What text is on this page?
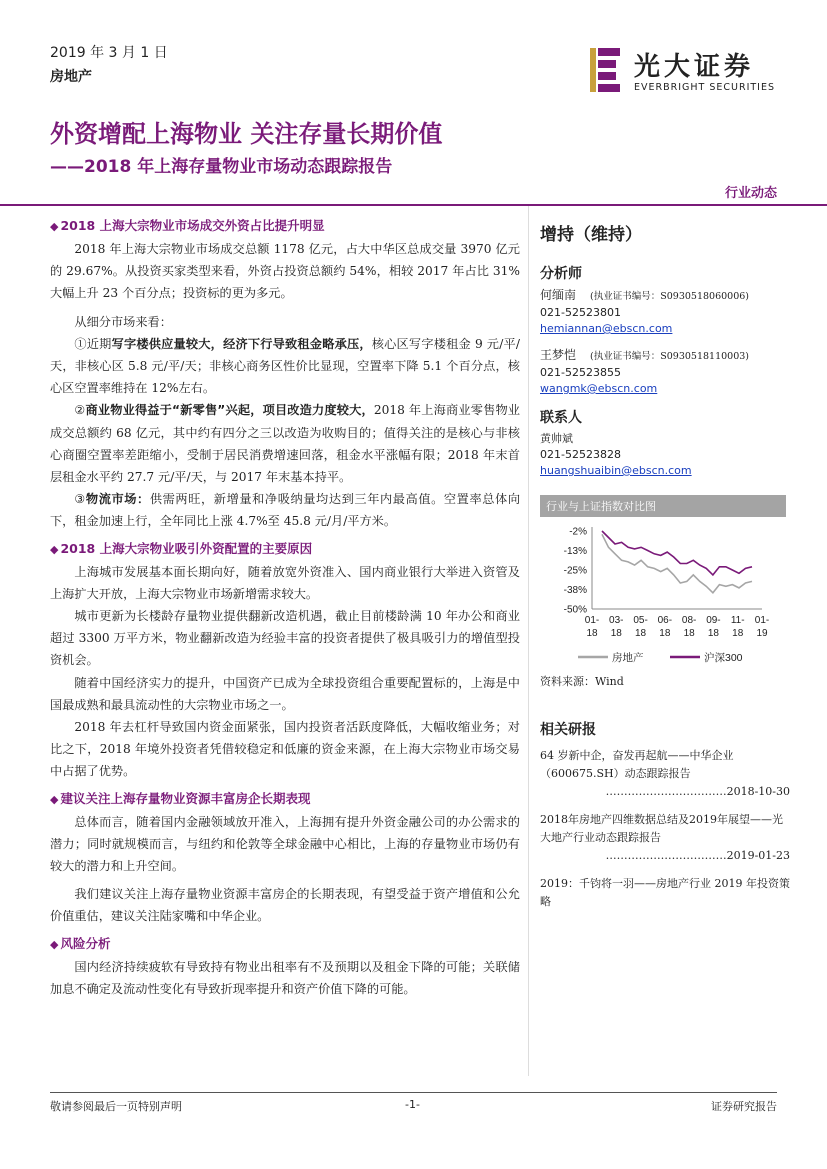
2019 年 3 月 1 日
房地产	光大证券
EVERBRIGHT SECURITIES
外资增配上海物业 关注存量长期价值
——2018 年上海存量物业市场动态跟踪报告
行业动态
◆ 2018 上海大宗物业市场成交外资占比提升明显

2018 年上海大宗物业市场成交总额 1178 亿元，占大中华区总成交量 3970 亿元的 29.67%。从投资买家类型来看，外资占投资总额约 54%，相较 2017 年占比 31%大幅上升 23 个百分点；投资标的更为多元。

从细分市场来看：

①近期写字楼供应量较大，经济下行导致租金略承压，核心区写字楼租金 9 元/平/天，非核心区 5.8 元/平/天；非核心商务区性价比显现，空置率下降 5.1 个百分点，核心区空置率维持在 12%左右。

②商业物业得益于“新零售”兴起，项目改造力度较大，2018 年上海商业零售物业成交总额约 68 亿元，其中约有四分之三以改造为收购目的；值得关注的是核心与非核心商圈空置率差距缩小，受制于居民消费增速回落，租金水平涨幅有限；2018 年末首层租金水平约 27.7 元/平/天，与 2017 年末基本持平。

③物流市场：供需两旺，新增量和净吸纳量均达到三年内最高值。空置率总体向下，租金加速上行，全年同比上涨 4.7%至 45.8 元/月/平方米。

◆ 2018 上海大宗物业吸引外资配置的主要原因

上海城市发展基本面长期向好，随着放宽外资准入、国内商业银行大举进入资管及上海扩大开放，上海大宗物业市场新增需求较大。

城市更新为长楼龄存量物业提供翻新改造机遇，截止目前楼龄满 10 年办公和商业超过 3300 万平方米，物业翻新改造为经验丰富的投资者提供了极具吸引力的增值型投资机会。

随着中国经济实力的提升，中国资产已成为全球投资组合重要配置标的，上海是中国最成熟和最具流动性的大宗物业市场之一。

2018 年去杠杆导致国内资金面紧张，国内投资者活跃度降低，大幅收缩业务；对比之下，2018 年境外投资者凭借较稳定和低廉的资金来源，在上海大宗物业市场交易中占据了优势。

◆ 建议关注上海存量物业资源丰富房企长期表现

总体而言，随着国内金融领域放开准入，上海拥有提升外资金融公司的办公需求的潜力；同时就规模而言，与纽约和伦敦等全球金融中心相比，上海的存量物业市场仍有较大的潜力和上升空间。

我们建议关注上海存量物业资源丰富房企的长期表现，有望受益于资产增值和公允价值重估，建议关注陆家嘴和中华企业。

◆ 风险分析

国内经济持续疲软有导致持有物业出租率有不及预期以及租金下降的可能；关联储加息不确定及流动性变化有导致折现率提升和资产价值下降的可能。

增持（维持）
分析师
何缅南 (执业证书编号：S0930518060006)
021-52523801
hemiannan@ebscn.com
王梦恺 (执业证书编号：S0930518110003)
021-52523855
wangmk@ebscn.com
联系人
黄帅斌
021-52523828
huangshuaibin@ebscn.com
行业与上证指数对比图
-2%
-13%
-25%
-38%
-50%
01-
18
03-
18
05-
18
06-
18
08-
18
09-
18
11-
18
01-
19
房地产	沪深300
资料来源：Wind
相关研报
64 岁新中企，奋发再起航——中华企业（600675.SH）动态跟踪报告
……………………………2018-10-30
2018年房地产四维数据总结及2019年展望——光大地产行业动态跟踪报告
……………………………2019-01-23
2019：千钧将一羽——房地产行业 2019 年投资策略
敬请参阅最后一页特别声明	-1-	证券研究报告
